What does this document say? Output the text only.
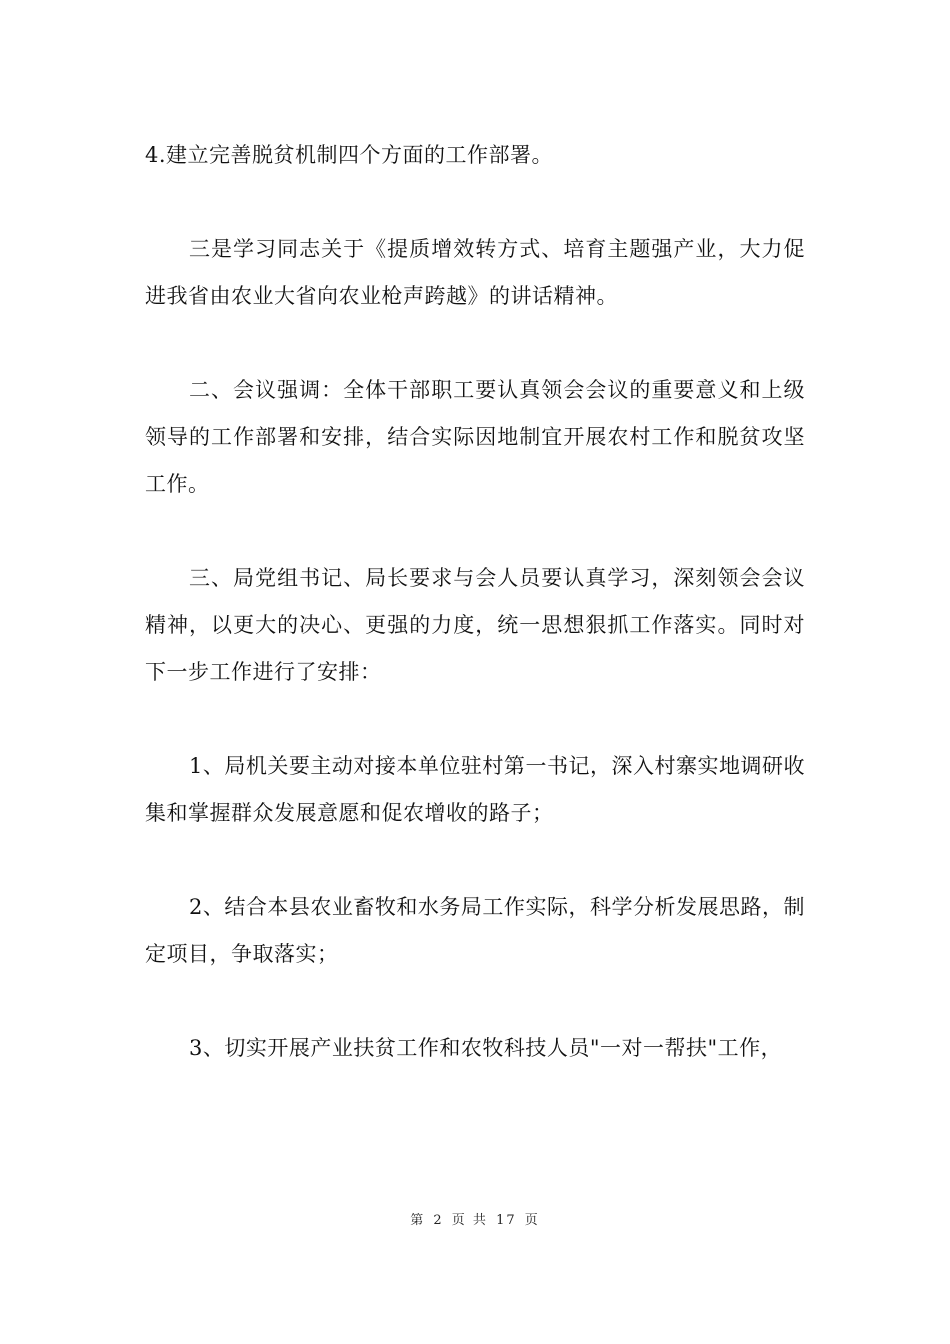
4.建立完善脱贫机制四个方面的工作部署。

三是学习同志关于《提质增效转方式、培育主题强产业，大力促进我省由农业大省向农业枪声跨越》的讲话精神。

二、会议强调：全体干部职工要认真领会会议的重要意义和上级领导的工作部署和安排，结合实际因地制宜开展农村工作和脱贫攻坚工作。

三、局党组书记、局长要求与会人员要认真学习，深刻领会会议精神，以更大的决心、更强的力度，统一思想狠抓工作落实。同时对下一步工作进行了安排：

1、局机关要主动对接本单位驻村第一书记，深入村寨实地调研收集和掌握群众发展意愿和促农增收的路子；

2、结合本县农业畜牧和水务局工作实际，科学分析发展思路，制定项目，争取落实；

3、切实开展产业扶贫工作和农牧科技人员"一对一帮扶"工作，

第 2 页 共 17 页
